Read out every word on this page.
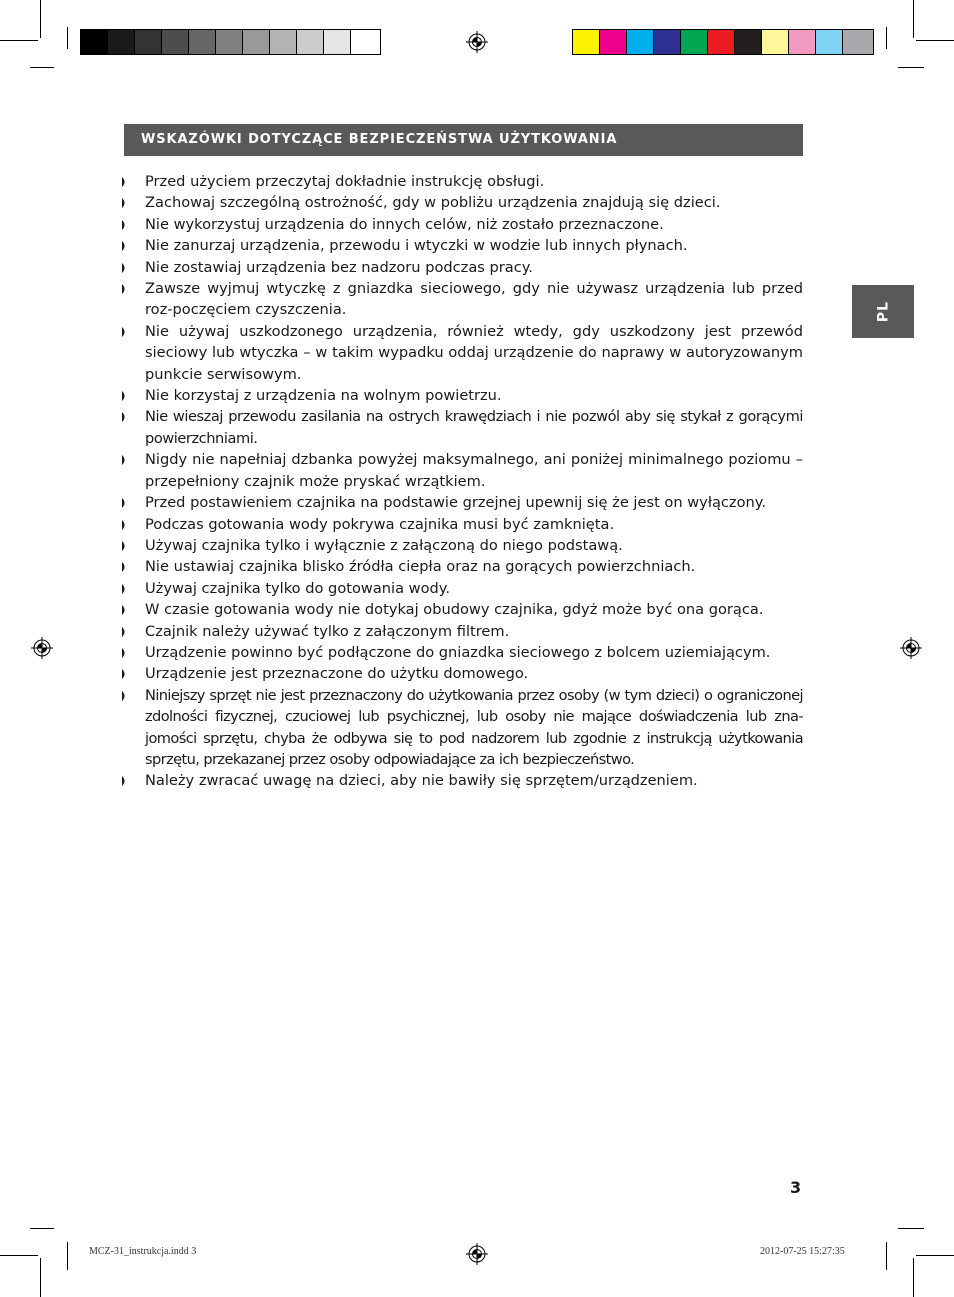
WSKAZÓWKI DOTYCZĄCE BEZPIECZEŃSTWA UŻYTKOWANIA
PL
Przed użyciem przeczytaj dokładnie instrukcję obsługi.
Zachowaj szczególną ostrożność, gdy w pobliżu urządzenia znajdują się dzieci.
Nie wykorzystuj urządzenia do innych celów, niż zostało przeznaczone.
Nie zanurzaj urządzenia, przewodu i wtyczki w wodzie lub innych płynach.
Nie zostawiaj urządzenia bez nadzoru podczas pracy.
Zawsze wyjmuj wtyczkę z gniazdka sieciowego, gdy nie używasz urządzenia lub przed roz-poczęciem czyszczenia.
Nie używaj uszkodzonego urządzenia, również wtedy, gdy uszkodzony jest przewód sieciowy lub wtyczka – w takim wypadku oddaj urządzenie do naprawy w autoryzowanym punkcie serwisowym.
Nie korzystaj z urządzenia na wolnym powietrzu.
Nie wieszaj przewodu zasilania na ostrych krawędziach i nie pozwól aby się stykał z gorącymi powierzchniami.
Nigdy nie napełniaj dzbanka powyżej maksymalnego, ani poniżej minimalnego poziomu – przepełniony czajnik może pryskać wrzątkiem.
Przed postawieniem czajnika na podstawie grzejnej upewnij się że jest on wyłączony.
Podczas gotowania wody pokrywa czajnika musi być zamknięta.
Używaj czajnika tylko i wyłącznie z załączoną do niego podstawą.
Nie ustawiaj czajnika blisko źródła ciepła oraz na gorących powierzchniach.
Używaj czajnika tylko do gotowania wody.
W czasie gotowania wody nie dotykaj obudowy czajnika, gdyż może być ona gorąca.
Czajnik należy używać tylko z załączonym filtrem.
Urządzenie powinno być podłączone do gniazdka sieciowego z bolcem uziemiającym.
Urządzenie jest przeznaczone do użytku domowego.
Niniejszy sprzęt nie jest przeznaczony do użytkowania przez osoby (w tym dzieci) o ograniczonej zdolności fizycznej, czuciowej lub psychicznej, lub osoby nie mające doświadczenia lub zna-jomości sprzętu, chyba że odbywa się to pod nadzorem lub zgodnie z instrukcją użytkowania sprzętu, przekazanej przez osoby odpowiadające za ich bezpieczeństwo.
Należy zwracać uwagę na dzieci, aby nie bawiły się sprzętem/urządzeniem.
3
MCZ-31_instrukcja.indd 3	2012-07-25 15:27:35
